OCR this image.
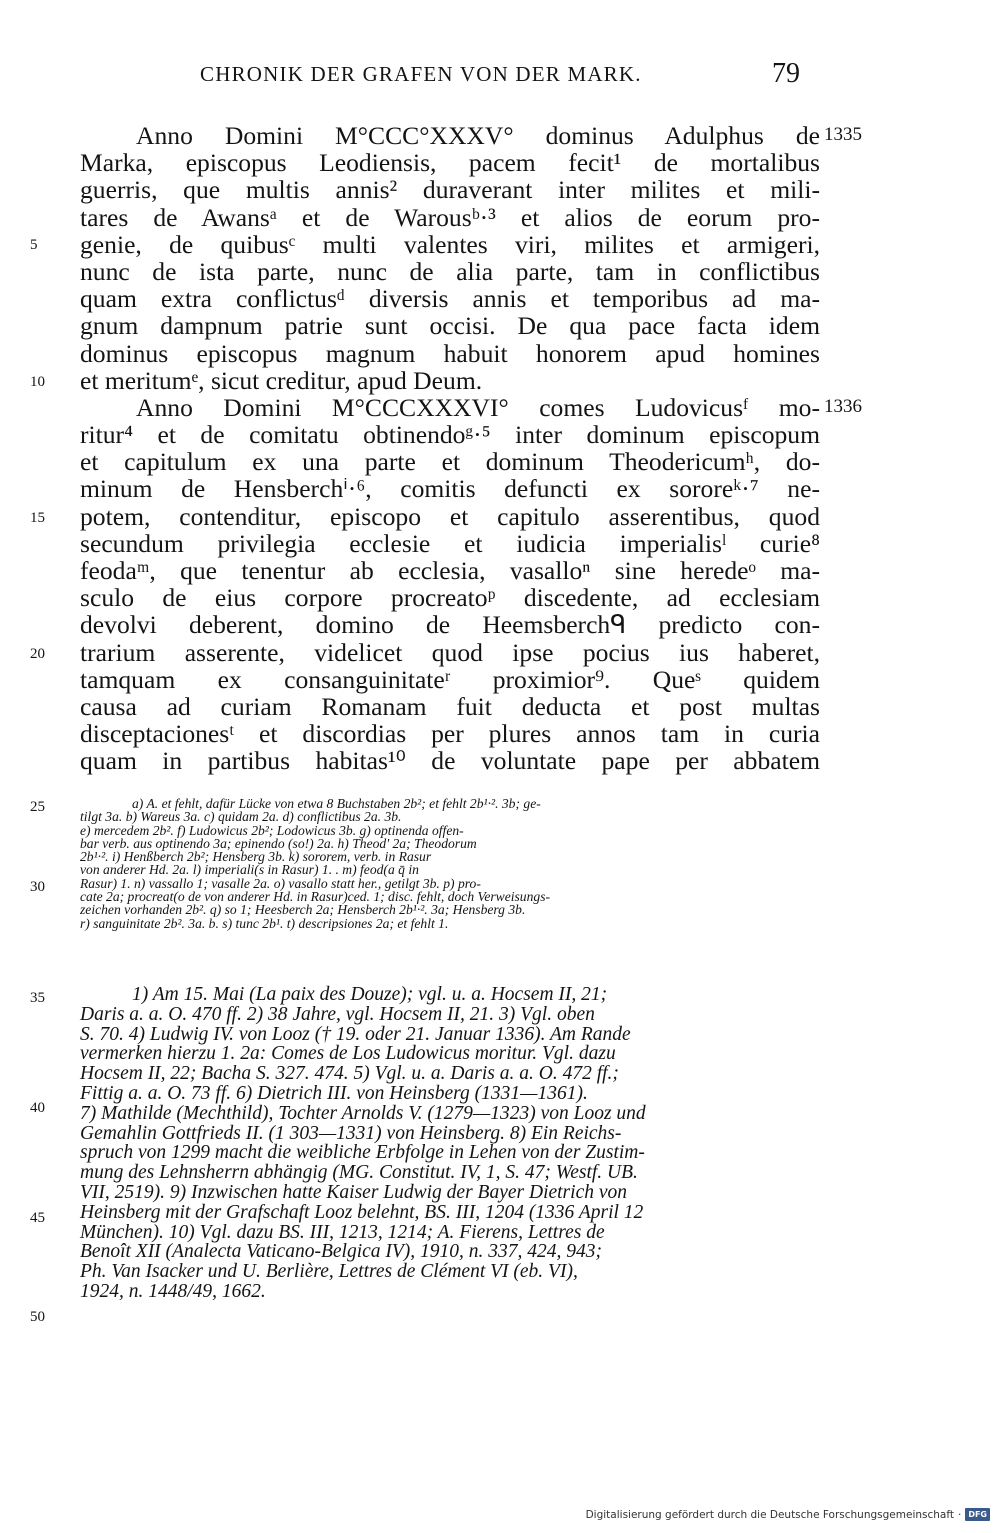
CHRONIK DER GRAFEN VON DER MARK.	79
1335
1336
5
10
15
20
Anno Domini M°CCC°XXXV° dominus Adulphus de
Marka, episcopus Leodiensis, pacem fecit¹ de mortalibus
guerris, que multis annis² duraverant inter milites et mili-
tares de Awansᵃ et de Warousᵇ·³ et alios de eorum pro-
genie, de quibusᶜ multi valentes viri, milites et armigeri,
nunc de ista parte, nunc de alia parte, tam in conflictibus
quam extra conflictusᵈ diversis annis et temporibus ad ma-
gnum dampnum patrie sunt occisi. De qua pace facta idem
dominus episcopus magnum habuit honorem apud homines
et meritumᵉ, sicut creditur, apud Deum.
Anno Domini M°CCCXXXVI° comes Ludovicusᶠ mo-
ritur⁴ et de comitatu obtinendoᵍ·⁵ inter dominum episcopum
et capitulum ex una parte et dominum Theodericumʰ, do-
minum de Hensberchⁱ·⁶, comitis defuncti ex sororeᵏ·⁷ ne-
potem, contenditur, episcopo et capitulo asserentibus, quod
secundum privilegia ecclesie et iudicia imperialisˡ curie⁸
feodaᵐ, que tenentur ab ecclesia, vasalloⁿ sine heredeᵒ ma-
sculo de eius corpore procreatoᵖ discedente, ad ecclesiam
devolvi deberent, domino de Heemsberchᑫ predicto con-
trarium asserente, videlicet quod ipse pocius ius haberet,
tamquam ex consanguinitateʳ proximior⁹. Queˢ quidem
causa ad curiam Romanam fuit deducta et post multas
disceptacionesᵗ et discordias per plures annos tam in curia
quam in partibus habitas¹⁰ de voluntate pape per abbatem
25
30
a) A. et fehlt, dafür Lücke von etwa 8 Buchstaben 2b²; et fehlt 2b¹·². 3b; ge-
tilgt 3a. b) Wareus 3a. c) quidam 2a. d) conflictibus 2a. 3b.
e) mercedem 2b². f) Ludowicus 2b²; Lodowicus 3b. g) optinenda offen-
bar verb. aus optinendo 3a; epinendo (so!) 2a. h) Theod' 2a; Theodorum
2b¹·². i) Henßberch 2b²; Hensberg 3b. k) sororem, verb. in Rasur
von anderer Hd. 2a. l) imperiali(s in Rasur) 1. . m) feod(a q̄ in
Rasur) 1. n) vassallo 1; vasalle 2a. o) vasallo statt her., getilgt 3b. p) pro-
cate 2a; procreat(o de von anderer Hd. in Rasur)ced. 1; disc. fehlt, doch Verweisungs-
zeichen vorhanden 2b². q) so 1; Heesberch 2a; Hensberch 2b¹·². 3a; Hensberg 3b.
r) sanguinitate 2b². 3a. b. s) tunc 2b¹. t) descripsiones 2a; et fehlt 1.
35
40
45
50
1) Am 15. Mai (La paix des Douze); vgl. u. a. Hocsem II, 21;
Daris a. a. O. 470 ff. 2) 38 Jahre, vgl. Hocsem II, 21. 3) Vgl. oben
S. 70. 4) Ludwig IV. von Looz († 19. oder 21. Januar 1336). Am Rande
vermerken hierzu 1. 2a: Comes de Los Ludowicus moritur. Vgl. dazu
Hocsem II, 22; Bacha S. 327. 474. 5) Vgl. u. a. Daris a. a. O. 472 ff.;
Fittig a. a. O. 73 ff. 6) Dietrich III. von Heinsberg (1331—1361).
7) Mathilde (Mechthild), Tochter Arnolds V. (1279—1323) von Looz und
Gemahlin Gottfrieds II. (1 303—1331) von Heinsberg. 8) Ein Reichs-
spruch von 1299 macht die weibliche Erbfolge in Lehen von der Zustim-
mung des Lehnsherrn abhängig (MG. Constitut. IV, 1, S. 47; Westf. UB.
VII, 2519). 9) Inzwischen hatte Kaiser Ludwig der Bayer Dietrich von
Heinsberg mit der Grafschaft Looz belehnt, BS. III, 1204 (1336 April 12
München). 10) Vgl. dazu BS. III, 1213, 1214; A. Fierens, Lettres de
Benoît XII (Analecta Vaticano-Belgica IV), 1910, n. 337, 424, 943;
Ph. Van Isacker und U. Berlière, Lettres de Clément VI (eb. VI),
1924, n. 1448/49, 1662.
Digitalisierung gefördert durch die Deutsche Forschungsgemeinschaft · DFG
